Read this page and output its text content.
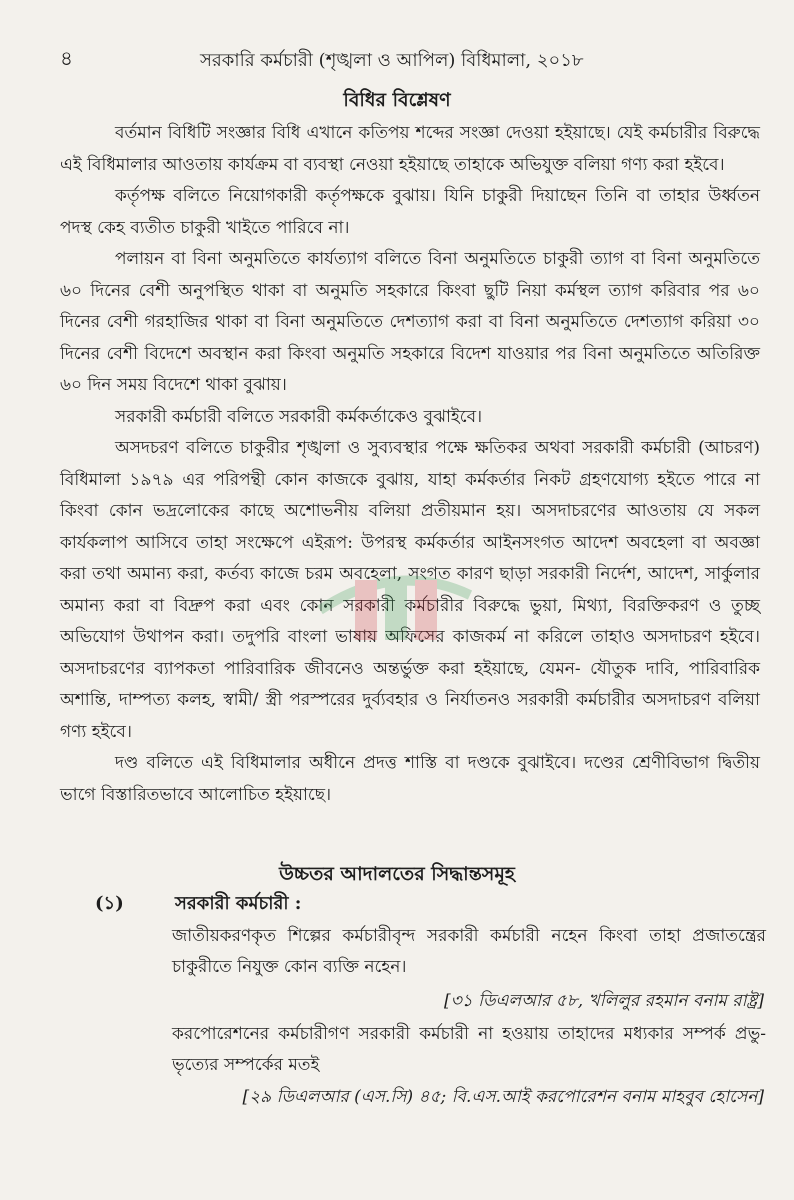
৪	সরকারি কর্মচারী (শৃঙ্খলা ও আপিল) বিধিমালা, ২০১৮
বিধির বিশ্লেষণ

বর্তমান বিধিটি সংজ্ঞার বিধি এখানে কতিপয় শব্দের সংজ্ঞা দেওয়া হইয়াছে। যেই কর্মচারীর বিরুদ্ধে এই বিধিমালার আওতায় কার্যক্রম বা ব্যবস্থা নেওয়া হইয়াছে তাহাকে অভিযুক্ত বলিয়া গণ্য করা হইবে।

কর্তৃপক্ষ বলিতে নিয়োগকারী কর্তৃপক্ষকে বুঝায়। যিনি চাকুরী দিয়াছেন তিনি বা তাহার উর্ধ্বতন পদস্থ কেহ ব্যতীত চাকুরী খাইতে পারিবে না।

পলায়ন বা বিনা অনুমতিতে কার্যত্যাগ বলিতে বিনা অনুমতিতে চাকুরী ত্যাগ বা বিনা অনুমতিতে ৬০ দিনের বেশী অনুপস্থিত থাকা বা অনুমতি সহকারে কিংবা ছুটি নিয়া কর্মস্থল ত্যাগ করিবার পর ৬০ দিনের বেশী গরহাজির থাকা বা বিনা অনুমতিতে দেশত্যাগ করা বা বিনা অনুমতিতে দেশত্যাগ করিয়া ৩০ দিনের বেশী বিদেশে অবস্থান করা কিংবা অনুমতি সহকারে বিদেশ যাওয়ার পর বিনা অনুমতিতে অতিরিক্ত ৬০ দিন সময় বিদেশে থাকা বুঝায়।

সরকারী কর্মচারী বলিতে সরকারী কর্মকর্তাকেও বুঝাইবে।

অসদচরণ বলিতে চাকুরীর শৃঙ্খলা ও সুব্যবস্থার পক্ষে ক্ষতিকর অথবা সরকারী কর্মচারী (আচরণ) বিধিমালা ১৯৭৯ এর পরিপন্থী কোন কাজকে বুঝায়, যাহা কর্মকর্তার নিকট গ্রহণযোগ্য হইতে পারে না কিংবা কোন ভদ্রলোকের কাছে অশোভনীয় বলিয়া প্রতীয়মান হয়। অসদাচরণের আওতায় যে সকল কার্যকলাপ আসিবে তাহা সংক্ষেপে এইরূপ: উপরস্থ কর্মকর্তার আইনসংগত আদেশ অবহেলা বা অবজ্ঞা করা তথা অমান্য করা, কর্তব্য কাজে চরম অবহেলা, সংগত কারণ ছাড়া সরকারী নির্দেশ, আদেশ, সার্কুলার অমান্য করা বা বিদ্রুপ করা এবং কোন সরকারী কর্মচারীর বিরুদ্ধে ভুয়া, মিথ্যা, বিরক্তিকরণ ও তুচ্ছ অভিযোগ উথাপন করা। তদুপরি বাংলা ভাষায় অফিসের কাজকর্ম না করিলে তাহাও অসদাচরণ হইবে। অসদাচরণের ব্যাপকতা পারিবারিক জীবনেও অন্তর্ভুক্ত করা হইয়াছে, যেমন- যৌতুক দাবি, পারিবারিক অশান্তি, দাম্পত্য কলহ, স্বামী/ স্ত্রী পরস্পরের দুর্ব্যবহার ও নির্যাতনও সরকারী কর্মচারীর অসদাচরণ বলিয়া গণ্য হইবে।

দণ্ড বলিতে এই বিধিমালার অধীনে প্রদত্ত শাস্তি বা দণ্ডকে বুঝাইবে। দণ্ডের শ্রেণীবিভাগ দ্বিতীয় ভাগে বিস্তারিতভাবে আলোচিত হইয়াছে।

উচ্চতর আদালতের সিদ্ধান্তসমূহ
(১)	সরকারী কর্মচারী :
জাতীয়করণকৃত শিল্পের কর্মচারীবৃন্দ সরকারী কর্মচারী নহেন কিংবা তাহা প্রজাতন্ত্রের চাকুরীতে নিযুক্ত কোন ব্যক্তি নহেন।
[৩১ ডিএলআর ৫৮, খলিলুর রহমান বনাম রাষ্ট্র]
করপোরেশনের কর্মচারীগণ সরকারী কর্মচারী না হওয়ায় তাহাদের মধ্যকার সম্পর্ক প্রভু- ভৃত্যের সম্পর্কের মতই
[২৯ ডিএলআর (এস.সি) ৪৫; বি.এস.আই করপোরেশন বনাম মাহবুব হোসেন]
